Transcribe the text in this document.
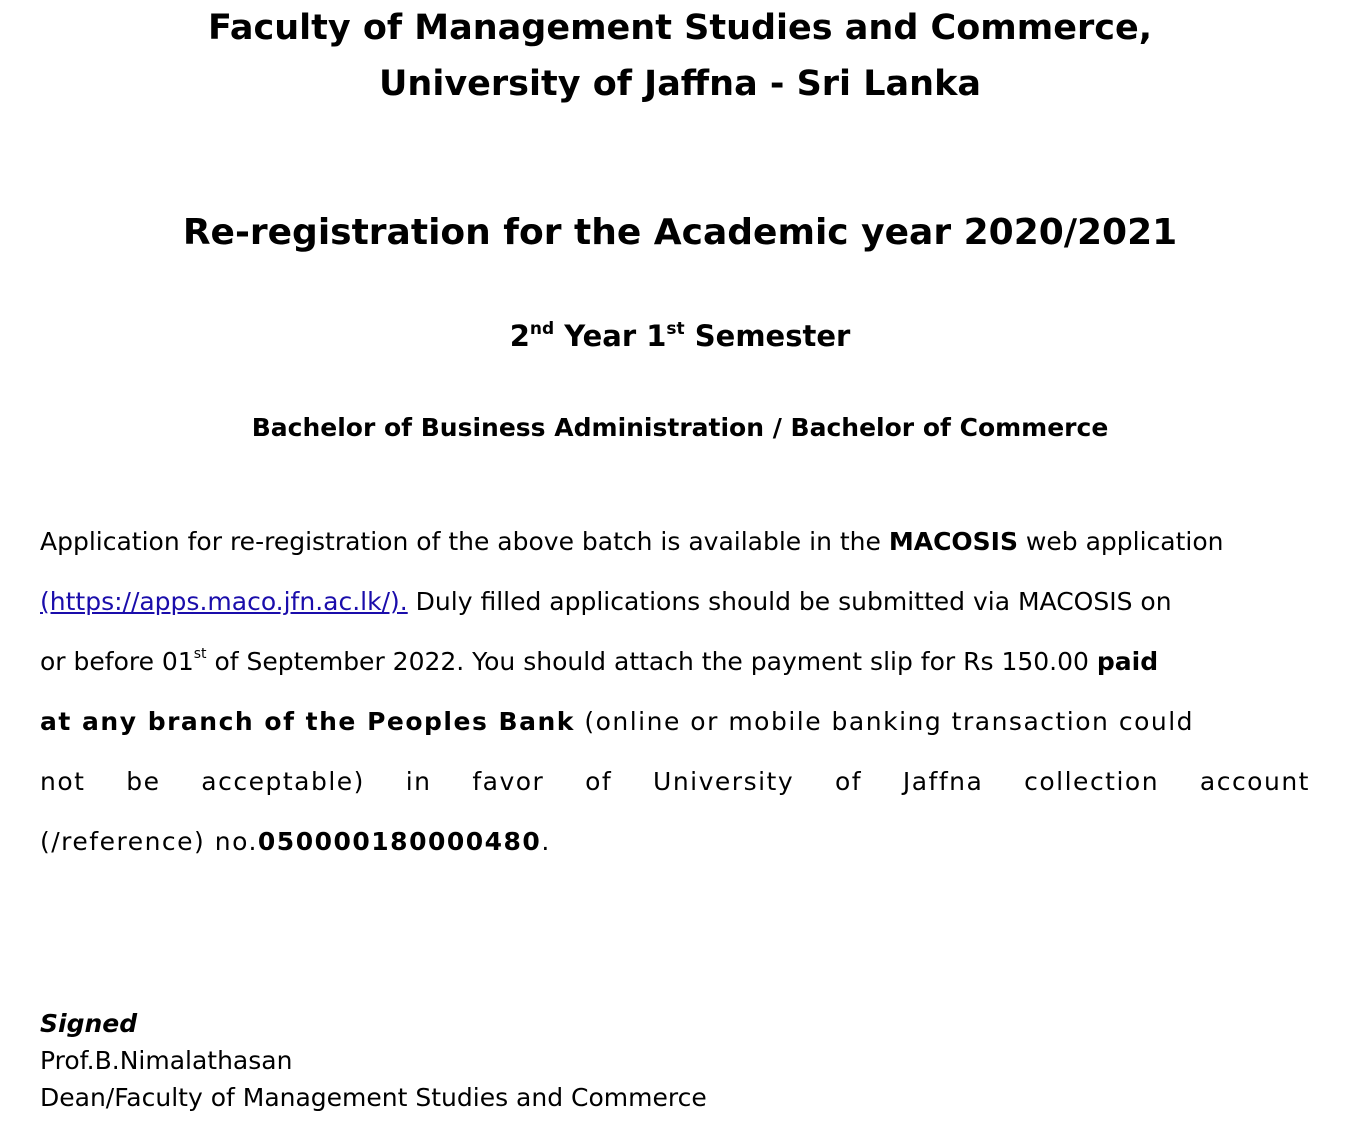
Faculty of Management Studies and Commerce,
University of Jaffna - Sri Lanka
Re-registration for the Academic year 2020/2021
2nd Year 1st Semester
Bachelor of Business Administration / Bachelor of Commerce
Application for re-registration of the above batch is available in the MACOSIS web application
(https://apps.maco.jfn.ac.lk/). Duly filled applications should be submitted via MACOSIS on
or before 01st of September 2022. You should attach the payment slip for Rs 150.00 paid
at any branch of the Peoples Bank (online or mobile banking transaction could
not be acceptable) in favor of University of Jaffna collection account
(/reference) no.050000180000480.
Signed
Prof.B.Nimalathasan
Dean/Faculty of Management Studies and Commerce
